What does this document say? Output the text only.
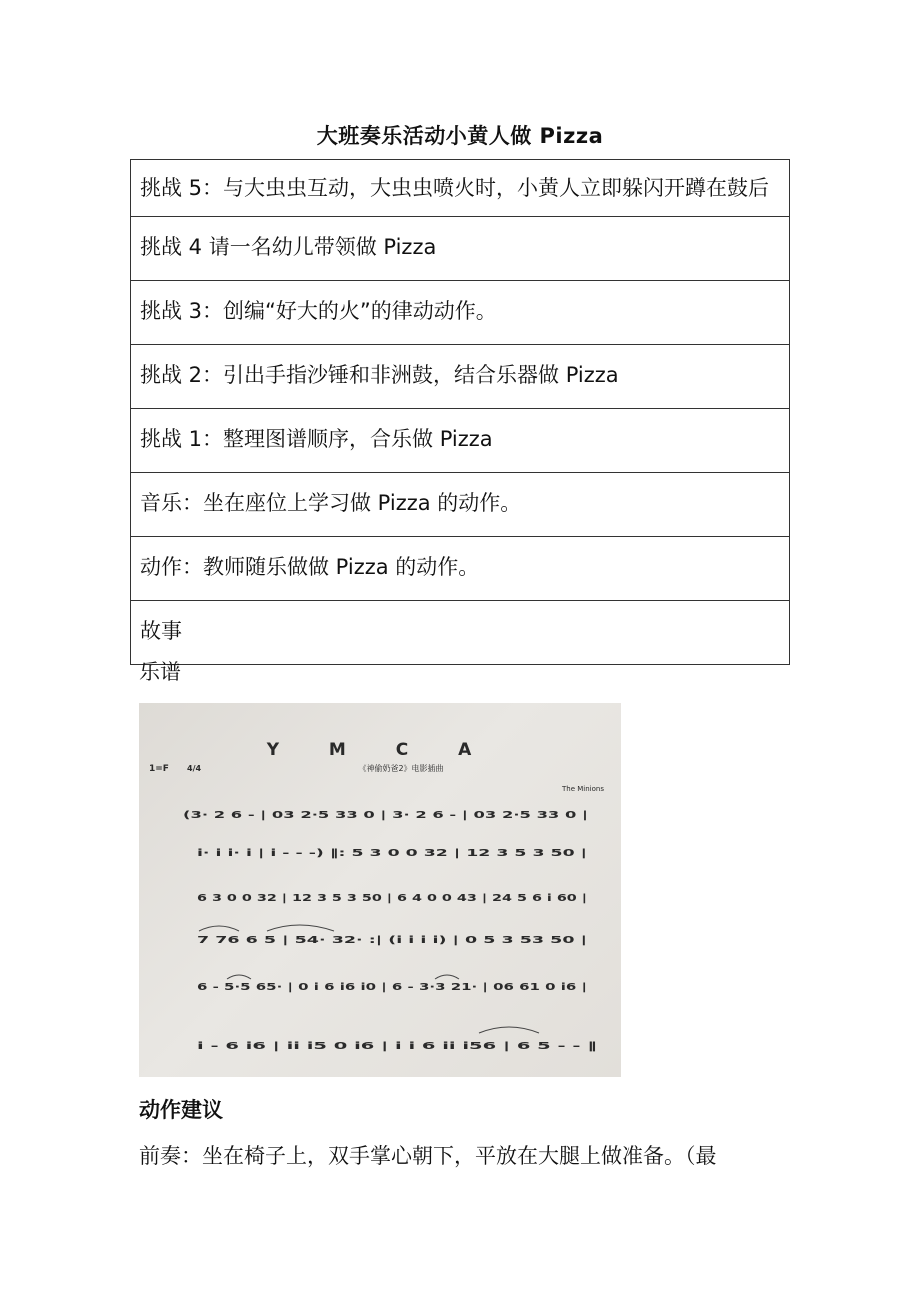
大班奏乐活动小黄人做 Pizza
挑战 5：与大虫虫互动，大虫虫喷火时，小黄人立即躲闪开蹲在鼓后
挑战 4 请一名幼儿带领做 Pizza
挑战 3：创编“好大的火”的律动动作。
挑战 2：引出手指沙锤和非洲鼓，结合乐器做 Pizza
挑战 1：整理图谱顺序，合乐做 Pizza
音乐：坐在座位上学习做 Pizza 的动作。
动作：教师随乐做做 Pizza 的动作。
故事
乐谱
Y M C A
《神偷奶爸2》电影插曲
1=F 4/4
The Minions
(3· 2 6 - | 03 2·5 33 0 | 3· 2 6 - | 03 2·5 33 0 |
i· i i· i | i - - -) ‖: 5 3 0 0 32 | 12 3 5 3 50 |
6 3 0 0 32 | 12 3 5 3 50 | 6 4 0 0 43 | 24 5 6 i 60 |
7 76 6 5 | 54· 32· :| (i i i i) | 0 5 3 53 50 |
6 - 5·5 65· | 0 i 6 i6 i0 | 6 - 3·3 21· | 06 61 0 i6 |
i - 6 i6 | ii i5 0 i6 | i i 6 ii i56 | 6 5 - - ‖
动作建议
前奏：坐在椅子上，双手掌心朝下，平放在大腿上做准备。（最
